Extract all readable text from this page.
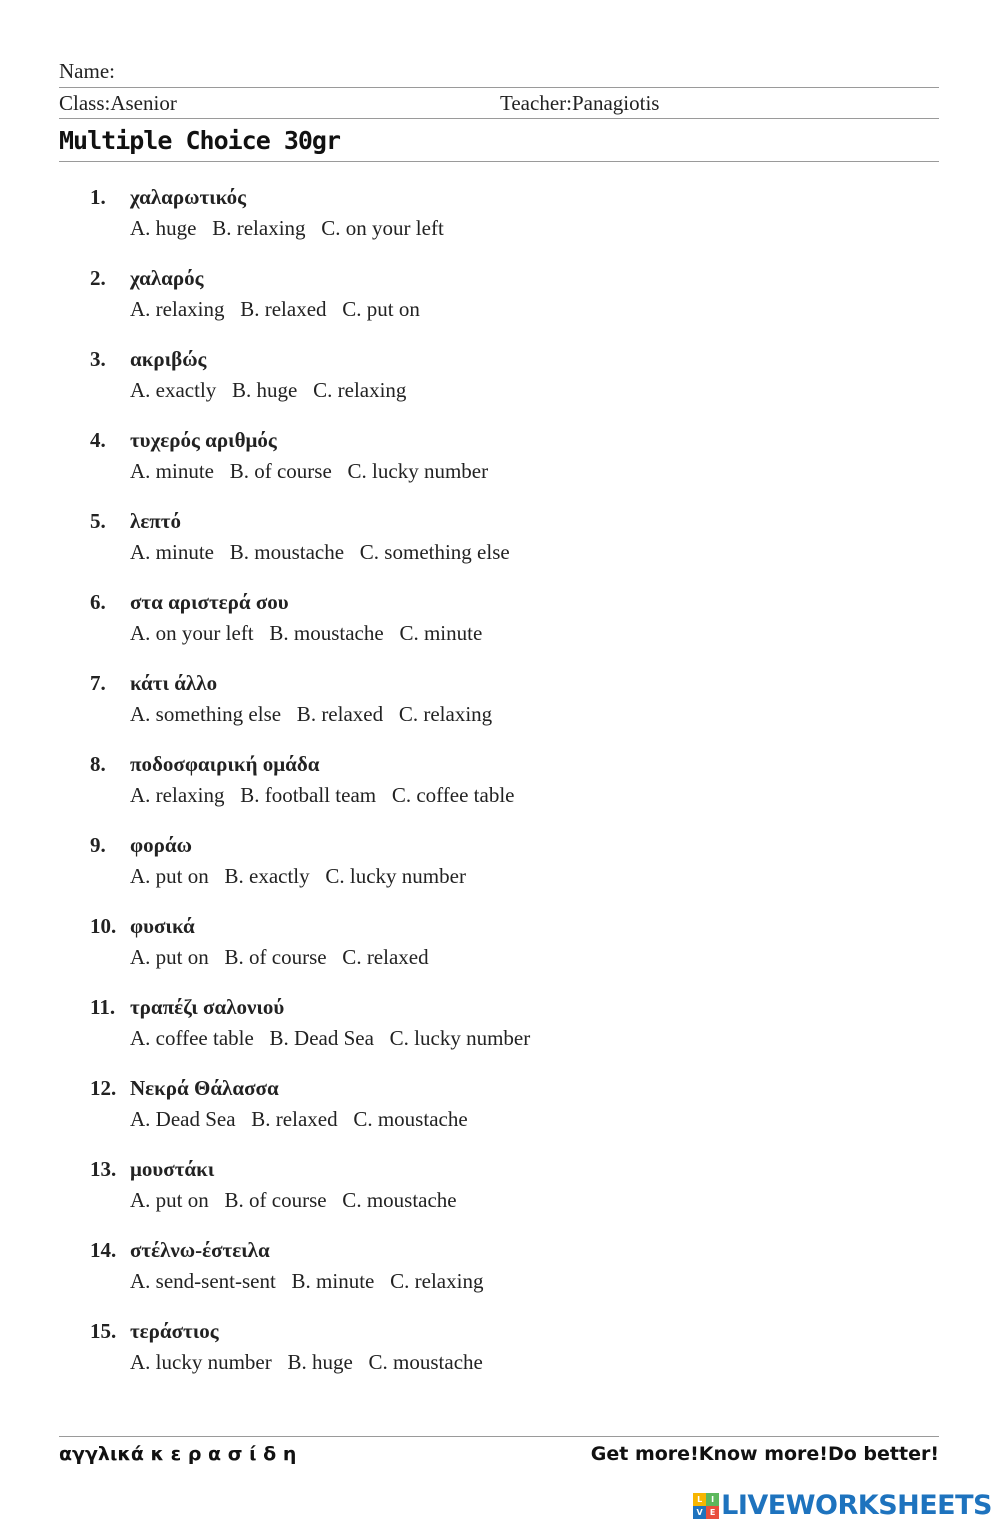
Name:
Class:Asenior	Teacher:Panagiotis
Multiple Choice 30gr
1. χαλαρωτικός
A. huge   B. relaxing   C. on your left
2. χαλαρός
A. relaxing   B. relaxed   C. put on
3. ακριβώς
A. exactly   B. huge   C. relaxing
4. τυχερός αριθμός
A. minute   B. of course   C. lucky number
5. λεπτό
A. minute   B. moustache   C. something else
6. στα αριστερά σου
A. on your left   B. moustache   C. minute
7. κάτι άλλο
A. something else   B. relaxed   C. relaxing
8. ποδοσφαιρική ομάδα
A. relaxing   B. football team   C. coffee table
9. φοράω
A. put on   B. exactly   C. lucky number
10. φυσικά
A. put on   B. of course   C. relaxed
11. τραπέζι σαλονιού
A. coffee table   B. Dead Sea   C. lucky number
12. Νεκρά Θάλασσα
A. Dead Sea   B. relaxed   C. moustache
13. μουστάκι
A. put on   B. of course   C. moustache
14. στέλνω-έστειλα
A. send-sent-sent   B. minute   C. relaxing
15. τεράστιος
A. lucky number   B. huge   C. moustache
αγγλικά κ ε ρ α σ ί δ η	Get more!Know more!Do better!
L	I
V E LIVEWORKSHEETS
